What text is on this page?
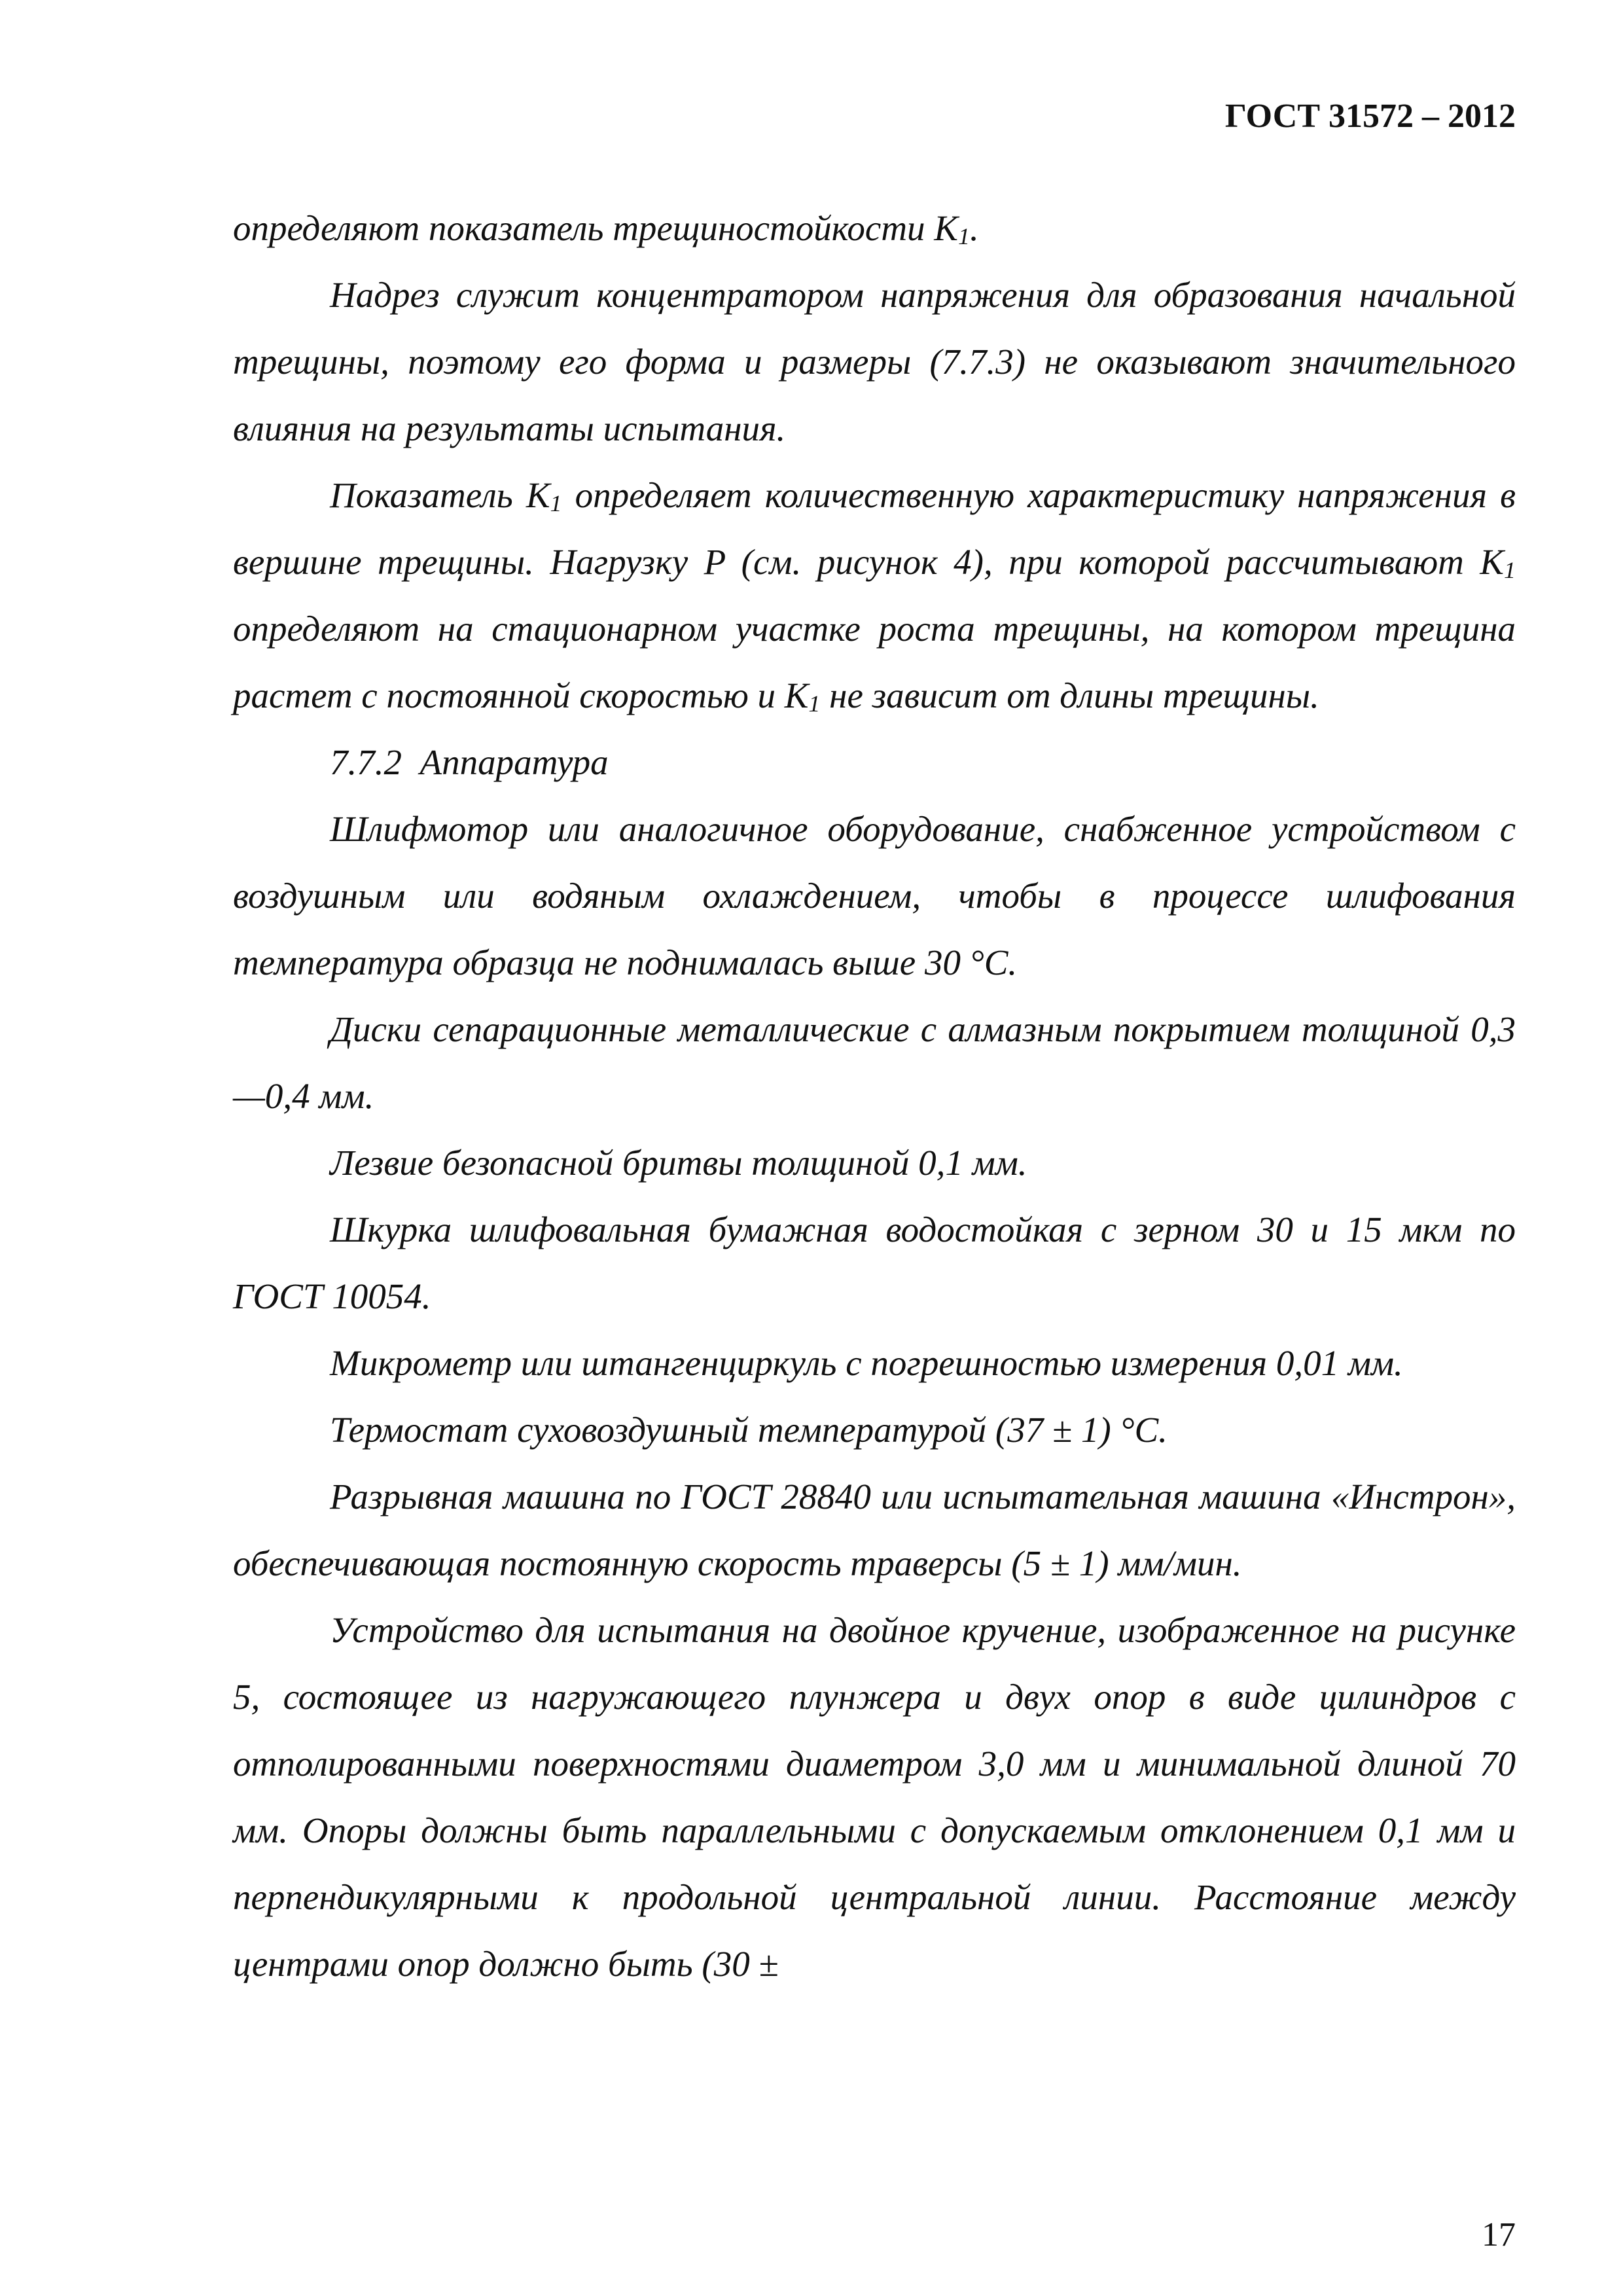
ГОСТ 31572 – 2012

определяют показатель трещиностойкости $K_1$.

Надрез служит концентратором напряжения для образования начальной трещины, поэтому его форма и размеры (7.7.3) не оказывают значительного влияния на результаты испытания.

Показатель $K_1$ определяет количественную характеристику напряжения в вершине трещины. Нагрузку P (см. рисунок 4), при которой рассчитывают $K_1$ определяют на стационарном участке роста трещины, на котором трещина растет с постоянной скоростью и $K_1$ не зависит от длины трещины.

7.7.2  Аппаратура

Шлифмотор или аналогичное оборудование, снабженное устройством с воздушным или водяным охлаждением, чтобы в процессе шлифования температура образца не поднималась выше 30 °С.

Диски сепарационные металлические с алмазным покрытием толщиной 0,3—0,4 мм.

Лезвие безопасной бритвы толщиной 0,1 мм.

Шкурка шлифовальная бумажная водостойкая с зерном 30 и 15 мкм по ГОСТ 10054.

Микрометр или штангенциркуль с погрешностью измерения 0,01 мм.

Термостат суховоздушный температурой (37 ± 1) °С.

Разрывная машина по ГОСТ 28840 или испытательная машина «Инстрон», обеспечивающая постоянную скорость траверсы (5 ± 1) мм/мин.

Устройство для испытания на двойное кручение, изображенное на рисунке 5, состоящее из нагружающего плунжера и двух опор в виде цилиндров с отполированными поверхностями диаметром 3,0 мм и минимальной длиной 70 мм. Опоры должны быть параллельными с допускаемым отклонением 0,1 мм и перпендикулярными к продольной центральной линии. Расстояние между центрами опор должно быть (30 ±

17
